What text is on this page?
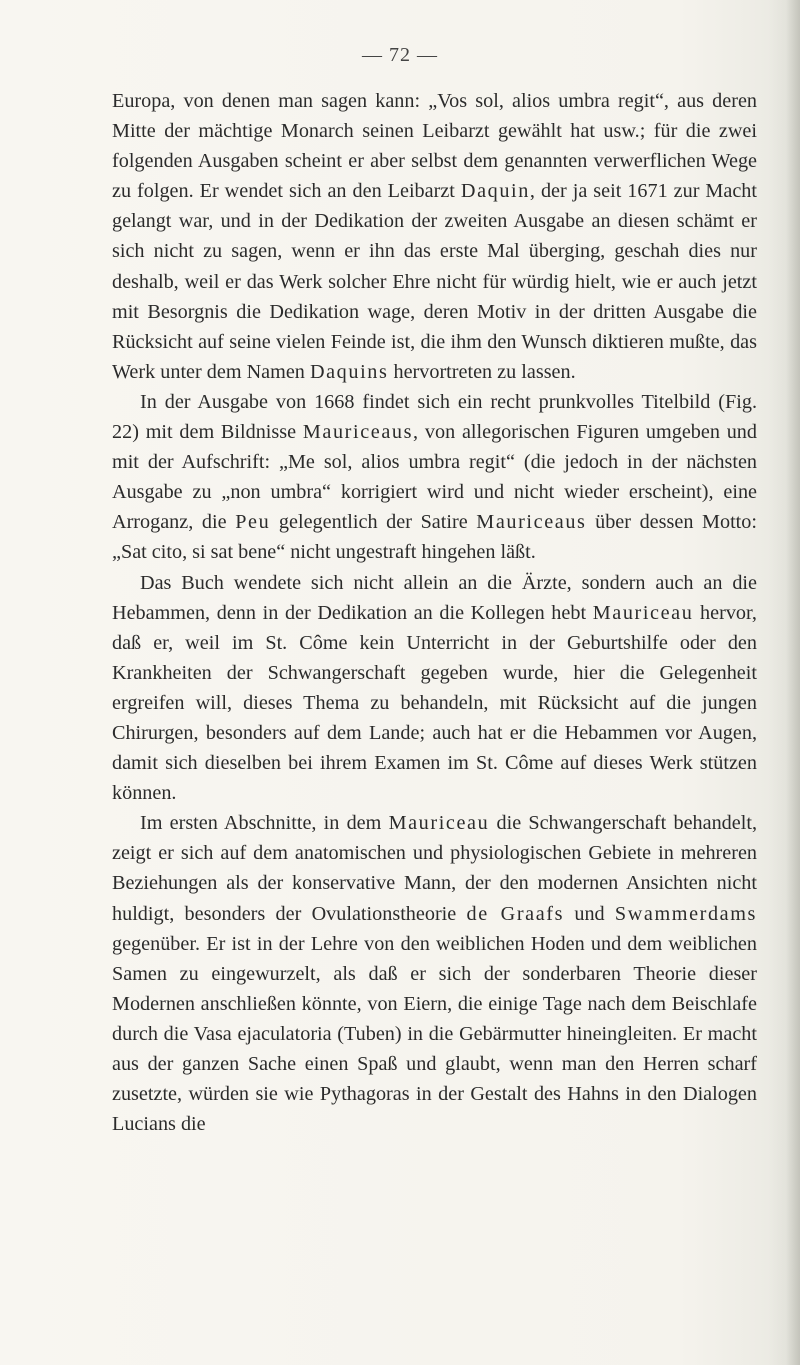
— 72 —

Europa, von denen man sagen kann: „Vos sol, alios umbra regit“, aus deren Mitte der mächtige Monarch seinen Leibarzt gewählt hat usw.; für die zwei folgenden Ausgaben scheint er aber selbst dem genannten verwerflichen Wege zu folgen. Er wendet sich an den Leibarzt Daquin, der ja seit 1671 zur Macht gelangt war, und in der Dedikation der zweiten Ausgabe an diesen schämt er sich nicht zu sagen, wenn er ihn das erste Mal überging, geschah dies nur deshalb, weil er das Werk solcher Ehre nicht für würdig hielt, wie er auch jetzt mit Besorgnis die Dedikation wage, deren Motiv in der dritten Ausgabe die Rücksicht auf seine vielen Feinde ist, die ihm den Wunsch diktieren mußte, das Werk unter dem Namen Daquins hervortreten zu lassen.

In der Ausgabe von 1668 findet sich ein recht prunkvolles Titelbild (Fig. 22) mit dem Bildnisse Mauriceaus, von allegorischen Figuren umgeben und mit der Aufschrift: „Me sol, alios umbra regit“ (die jedoch in der nächsten Ausgabe zu „non umbra“ korrigiert wird und nicht wieder erscheint), eine Arroganz, die Peu gelegentlich der Satire Mauriceaus über dessen Motto: „Sat cito, si sat bene“ nicht ungestraft hingehen läßt.

Das Buch wendete sich nicht allein an die Ärzte, sondern auch an die Hebammen, denn in der Dedikation an die Kollegen hebt Mauriceau hervor, daß er, weil im St. Côme kein Unterricht in der Geburtshilfe oder den Krankheiten der Schwangerschaft gegeben wurde, hier die Gelegenheit ergreifen will, dieses Thema zu behandeln, mit Rücksicht auf die jungen Chirurgen, besonders auf dem Lande; auch hat er die Hebammen vor Augen, damit sich dieselben bei ihrem Examen im St. Côme auf dieses Werk stützen können.

Im ersten Abschnitte, in dem Mauriceau die Schwangerschaft behandelt, zeigt er sich auf dem anatomischen und physiologischen Gebiete in mehreren Beziehungen als der konservative Mann, der den modernen Ansichten nicht huldigt, besonders der Ovulationstheorie de Graafs und Swammerdams gegenüber. Er ist in der Lehre von den weiblichen Hoden und dem weiblichen Samen zu eingewurzelt, als daß er sich der sonderbaren Theorie dieser Modernen anschließen könnte, von Eiern, die einige Tage nach dem Beischlafe durch die Vasa ejaculatoria (Tuben) in die Gebärmutter hineingleiten. Er macht aus der ganzen Sache einen Spaß und glaubt, wenn man den Herren scharf zusetzte, würden sie wie Pythagoras in der Gestalt des Hahns in den Dialogen Lucians die
